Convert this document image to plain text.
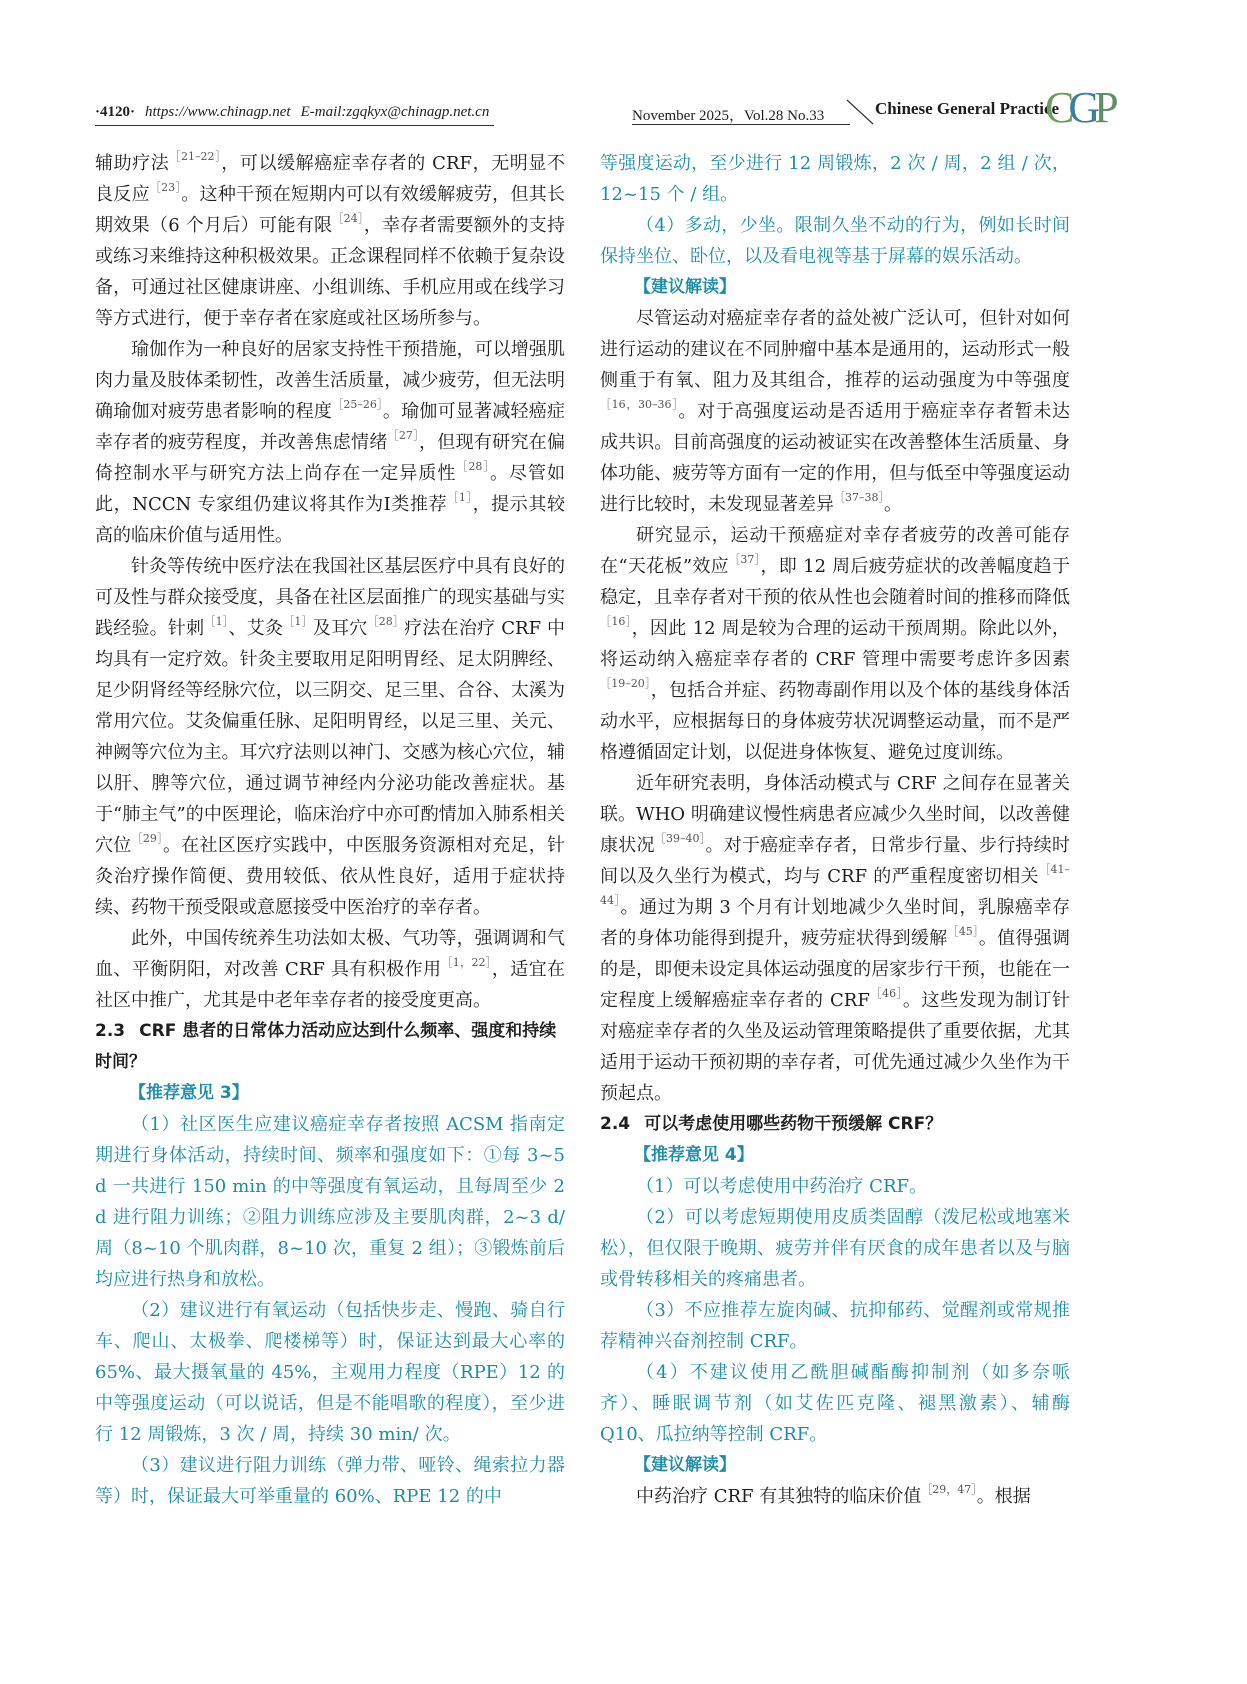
·4120· https://www.chinagp.net E-mail:zgqkyx@chinagp.net.cn	November 2025，Vol.28 No.33	Chinese General Practice
CGP

辅助疗法$^{[21-22]}$，可以缓解癌症幸存者的 CRF，无明显不良反应$^{[23]}$。这种干预在短期内可以有效缓解疲劳，但其长期效果（6 个月后）可能有限$^{[24]}$，幸存者需要额外的支持或练习来维持这种积极效果。正念课程同样不依赖于复杂设备，可通过社区健康讲座、小组训练、手机应用或在线学习等方式进行，便于幸存者在家庭或社区场所参与。

瑜伽作为一种良好的居家支持性干预措施，可以增强肌肉力量及肢体柔韧性，改善生活质量，减少疲劳，但无法明确瑜伽对疲劳患者影响的程度$^{[25-26]}$。瑜伽可显著减轻癌症幸存者的疲劳程度，并改善焦虑情绪$^{[27]}$，但现有研究在偏倚控制水平与研究方法上尚存在一定异质性$^{[28]}$。尽管如此，NCCN 专家组仍建议将其作为Ⅰ类推荐$^{[1]}$，提示其较高的临床价值与适用性。

针灸等传统中医疗法在我国社区基层医疗中具有良好的可及性与群众接受度，具备在社区层面推广的现实基础与实践经验。针刺$^{[1]}$、艾灸$^{[1]}$及耳穴$^{[28]}$疗法在治疗 CRF 中均具有一定疗效。针灸主要取用足阳明胃经、足太阴脾经、足少阴肾经等经脉穴位，以三阴交、足三里、合谷、太溪为常用穴位。艾灸偏重任脉、足阳明胃经，以足三里、关元、神阙等穴位为主。耳穴疗法则以神门、交感为核心穴位，辅以肝、脾等穴位，通过调节神经内分泌功能改善症状。基于“肺主气”的中医理论，临床治疗中亦可酌情加入肺系相关穴位$^{[29]}$。在社区医疗实践中，中医服务资源相对充足，针灸治疗操作简便、费用较低、依从性良好，适用于症状持续、药物干预受限或意愿接受中医治疗的幸存者。

此外，中国传统养生功法如太极、气功等，强调调和气血、平衡阴阳，对改善 CRF 具有积极作用$^{[1,22]}$，适宜在社区中推广，尤其是中老年幸存者的接受度更高。

2.3 CRF 患者的日常体力活动应达到什么频率、强度和持续时间？

【推荐意见 3】

（1）社区医生应建议癌症幸存者按照 ACSM 指南定期进行身体活动，持续时间、频率和强度如下：①每 3~5 d 一共进行 150 min 的中等强度有氧运动，且每周至少 2 d 进行阻力训练；②阻力训练应涉及主要肌肉群，2~3 d/ 周（8~10 个肌肉群，8~10 次，重复 2 组）；③锻炼前后均应进行热身和放松。

（2）建议进行有氧运动（包括快步走、慢跑、骑自行车、爬山、太极拳、爬楼梯等）时，保证达到最大心率的 65%、最大摄氧量的 45%，主观用力程度（RPE）12 的中等强度运动（可以说话，但是不能唱歌的程度），至少进行 12 周锻炼，3 次 / 周，持续 30 min/ 次。

（3）建议进行阻力训练（弹力带、哑铃、绳索拉力器等）时，保证最大可举重量的 60%、RPE 12 的中

等强度运动，至少进行 12 周锻炼，2 次 / 周，2 组 / 次，12~15 个 / 组。

（4）多动，少坐。限制久坐不动的行为，例如长时间保持坐位、卧位，以及看电视等基于屏幕的娱乐活动。

【建议解读】

尽管运动对癌症幸存者的益处被广泛认可，但针对如何进行运动的建议在不同肿瘤中基本是通用的，运动形式一般侧重于有氧、阻力及其组合，推荐的运动强度为中等强度$^{[16,30-36]}$。对于高强度运动是否适用于癌症幸存者暂未达成共识。目前高强度的运动被证实在改善整体生活质量、身体功能、疲劳等方面有一定的作用，但与低至中等强度运动进行比较时，未发现显著差异$^{[37-38]}$。

研究显示，运动干预癌症对幸存者疲劳的改善可能存在“天花板”效应$^{[37]}$，即 12 周后疲劳症状的改善幅度趋于稳定，且幸存者对干预的依从性也会随着时间的推移而降低$^{[16]}$，因此 12 周是较为合理的运动干预周期。除此以外，将运动纳入癌症幸存者的 CRF 管理中需要考虑许多因素$^{[19-20]}$，包括合并症、药物毒副作用以及个体的基线身体活动水平，应根据每日的身体疲劳状况调整运动量，而不是严格遵循固定计划，以促进身体恢复、避免过度训练。

近年研究表明，身体活动模式与 CRF 之间存在显著关联。WHO 明确建议慢性病患者应减少久坐时间，以改善健康状况$^{[39-40]}$。对于癌症幸存者，日常步行量、步行持续时间以及久坐行为模式，均与 CRF 的严重程度密切相关$^{[41-44]}$。通过为期 3 个月有计划地减少久坐时间，乳腺癌幸存者的身体功能得到提升，疲劳症状得到缓解$^{[45]}$。值得强调的是，即便未设定具体运动强度的居家步行干预，也能在一定程度上缓解癌症幸存者的 $CRF^{[46]}$。这些发现为制订针对癌症幸存者的久坐及运动管理策略提供了重要依据，尤其适用于运动干预初期的幸存者，可优先通过减少久坐作为干预起点。

2.4 可以考虑使用哪些药物干预缓解 CRF？

【推荐意见 4】

（1）可以考虑使用中药治疗 CRF。

（2）可以考虑短期使用皮质类固醇（泼尼松或地塞米松），但仅限于晚期、疲劳并伴有厌食的成年患者以及与脑或骨转移相关的疼痛患者。

（3）不应推荐左旋肉碱、抗抑郁药、觉醒剂或常规推荐精神兴奋剂控制 CRF。

（4）不建议使用乙酰胆碱酯酶抑制剂（如多奈哌齐）、睡眠调节剂（如艾佐匹克隆、褪黑激素）、辅酶 Q10、瓜拉纳等控制 CRF。

【建议解读】

中药治疗 CRF 有其独特的临床价值$^{[29,47]}$。根据
